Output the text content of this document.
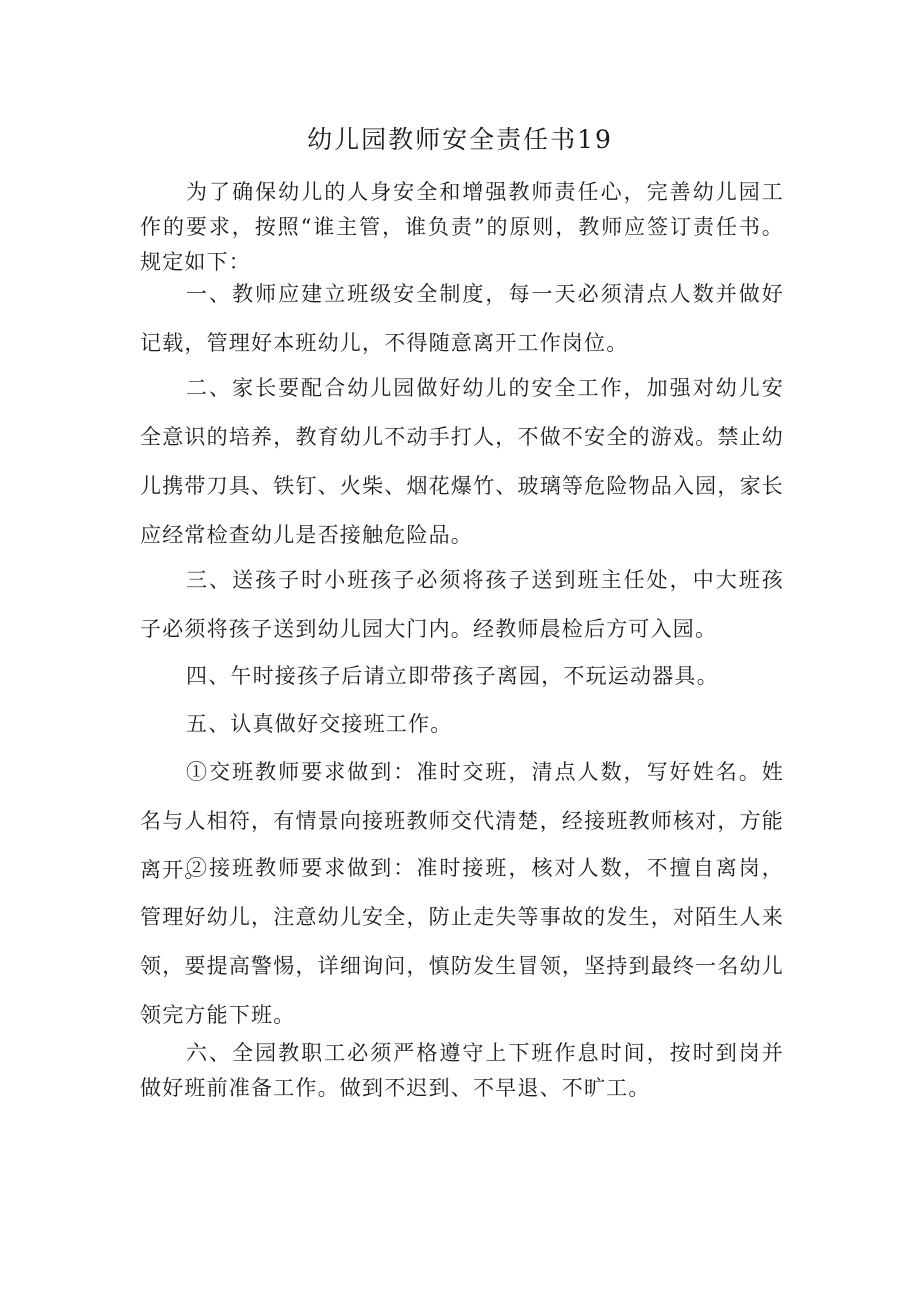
幼儿园教师安全责任书19

为了确保幼儿的人身安全和增强教师责任心，完善幼儿园工作的要求，按照“谁主管，谁负责”的原则，教师应签订责任书。规定如下：

一、教师应建立班级安全制度，每一天必须清点人数并做好记载，管理好本班幼儿，不得随意离开工作岗位。

二、家长要配合幼儿园做好幼儿的安全工作，加强对幼儿安全意识的培养，教育幼儿不动手打人，不做不安全的游戏。禁止幼儿携带刀具、铁钉、火柴、烟花爆竹、玻璃等危险物品入园，家长应经常检查幼儿是否接触危险品。

三、送孩子时小班孩子必须将孩子送到班主任处，中大班孩子必须将孩子送到幼儿园大门内。经教师晨检后方可入园。

四、午时接孩子后请立即带孩子离园，不玩运动器具。

五、认真做好交接班工作。

①交班教师要求做到：准时交班，清点人数，写好姓名。姓名与人相符，有情景向接班教师交代清楚，经接班教师核对，方能离开。

②接班教师要求做到：准时接班，核对人数，不擅自离岗，管理好幼儿，注意幼儿安全，防止走失等事故的发生，对陌生人来领，要提高警惕，详细询问，慎防发生冒领，坚持到最终一名幼儿领完方能下班。

六、全园教职工必须严格遵守上下班作息时间，按时到岗并做好班前准备工作。做到不迟到、不早退、不旷工。
